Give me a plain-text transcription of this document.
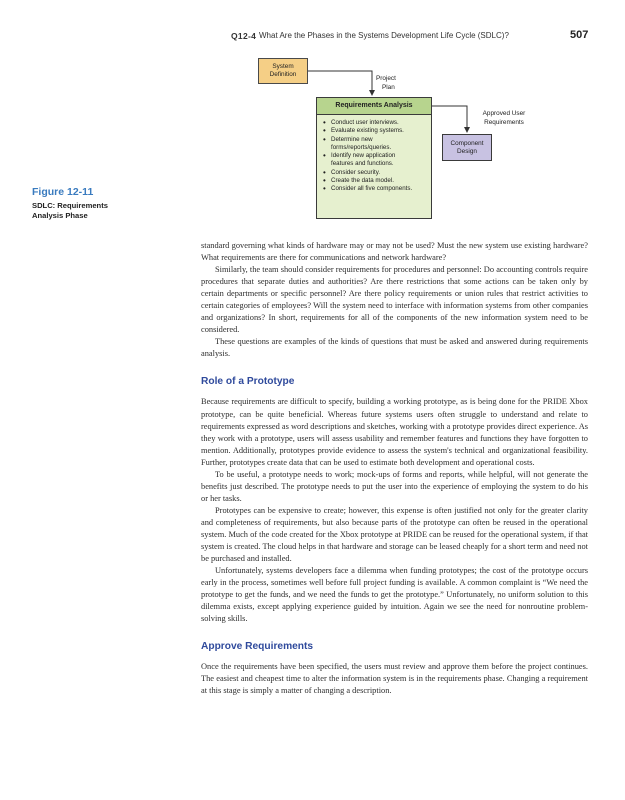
Q12-4 What Are the Phases in the Systems Development Life Cycle (SDLC)?	507
System
Definition
Project
Plan
Requirements Analysis
• Conduct user interviews.
• Evaluate existing systems.
• Determine new
forms/reports/queries.
• Identify new application
features and functions.
• Consider security.
• Create the data model.
• Consider all five components.
Approved User
Requirements
Component
Design
Figure 12-11
SDLC: Requirements
Analysis Phase

standard governing what kinds of hardware may or may not be used? Must the new system use existing hardware? What requirements are there for communications and network hardware?

Similarly, the team should consider requirements for procedures and personnel: Do accounting controls require procedures that separate duties and authorities? Are there restrictions that some actions can be taken only by certain departments or specific personnel? Are there policy requirements or union rules that restrict activities to certain categories of employees? Will the system need to interface with information systems from other companies and organizations? In short, requirements for all of the components of the new information system need to be considered.

These questions are examples of the kinds of questions that must be asked and answered during requirements analysis.

Role of a Prototype

Because requirements are difficult to specify, building a working prototype, as is being done for the PRIDE Xbox prototype, can be quite beneficial. Whereas future systems users often struggle to understand and relate to requirements expressed as word descriptions and sketches, working with a prototype provides direct experience. As they work with a prototype, users will assess usability and remember features and functions they have forgotten to mention. Additionally, prototypes provide evidence to assess the system's technical and organizational feasibility. Further, prototypes create data that can be used to estimate both development and operational costs.

To be useful, a prototype needs to work; mock-ups of forms and reports, while helpful, will not generate the benefits just described. The prototype needs to put the user into the experience of employing the system to do his or her tasks.

Prototypes can be expensive to create; however, this expense is often justified not only for the greater clarity and completeness of requirements, but also because parts of the prototype can often be reused in the operational system. Much of the code created for the Xbox prototype at PRIDE can be reused for the operational system, if that system is created. The cloud helps in that hardware and storage can be leased cheaply for a short term and need not be purchased and installed.

Unfortunately, systems developers face a dilemma when funding prototypes; the cost of the prototype occurs early in the process, sometimes well before full project funding is available. A common complaint is “We need the prototype to get the funds, and we need the funds to get the prototype.” Unfortunately, no uniform solution to this dilemma exists, except applying experience guided by intuition. Again we see the need for nonroutine problem-solving skills.

Approve Requirements

Once the requirements have been specified, the users must review and approve them before the project continues. The easiest and cheapest time to alter the information system is in the requirements phase. Changing a requirement at this stage is simply a matter of changing a description.
